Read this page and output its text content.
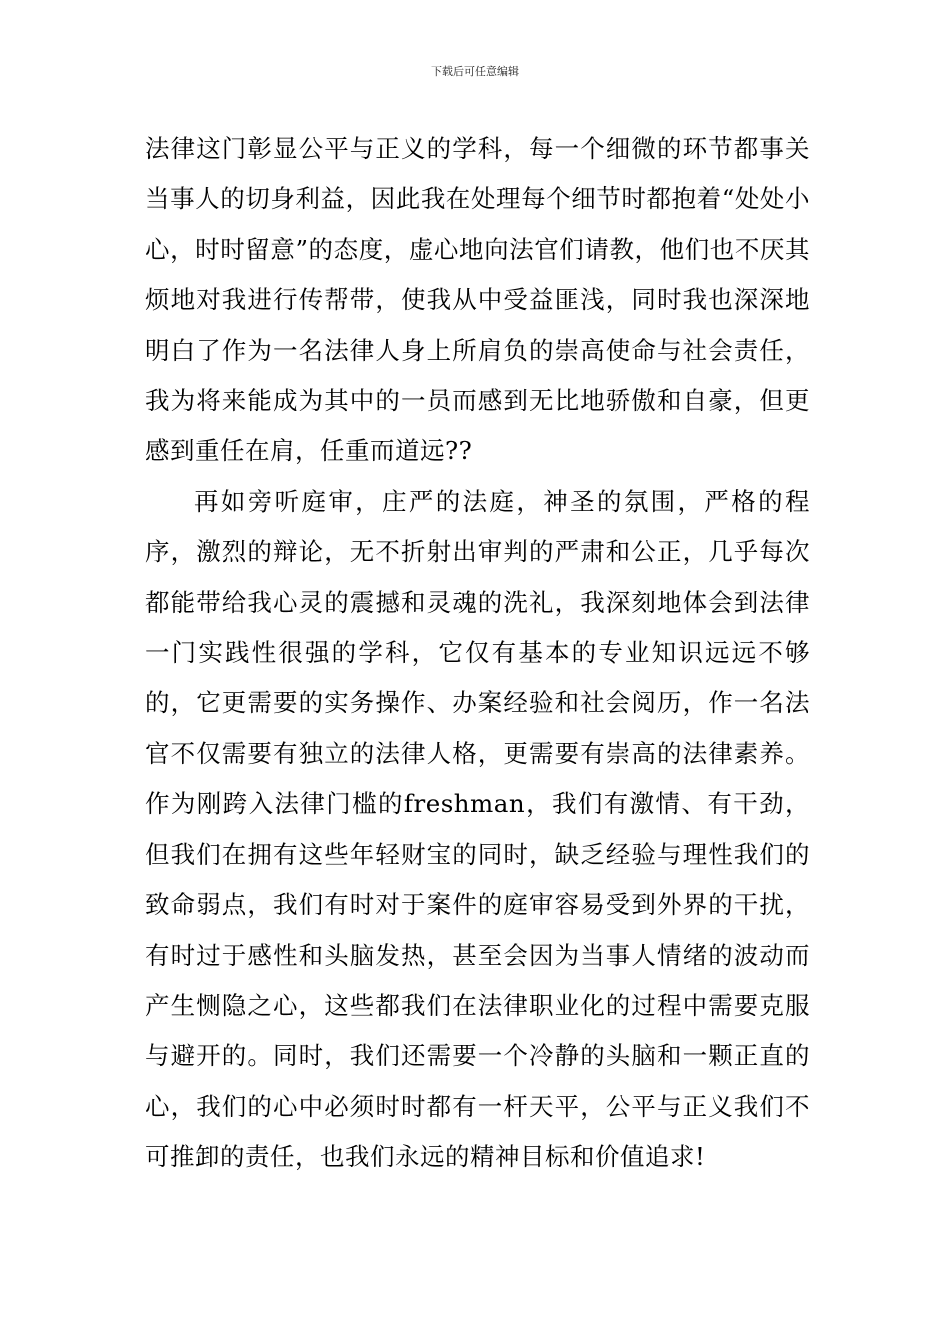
下载后可任意编辑

法律这门彰显公平与正义的学科，每一个细微的环节都事关当事人的切身利益，因此我在处理每个细节时都抱着“处处小心，时时留意”的态度，虚心地向法官们请教，他们也不厌其烦地对我进行传帮带，使我从中受益匪浅，同时我也深深地明白了作为一名法律人身上所肩负的崇高使命与社会责任，我为将来能成为其中的一员而感到无比地骄傲和自豪，但更感到重任在肩，任重而道远??

再如旁听庭审，庄严的法庭，神圣的氛围，严格的程序，激烈的辩论，无不折射出审判的严肃和公正，几乎每次都能带给我心灵的震撼和灵魂的洗礼，我深刻地体会到法律一门实践性很强的学科，它仅有基本的专业知识远远不够的，它更需要的实务操作、办案经验和社会阅历，作一名法官不仅需要有独立的法律人格，更需要有崇高的法律素养。作为刚跨入法律门槛的freshman，我们有激情、有干劲，但我们在拥有这些年轻财宝的同时，缺乏经验与理性我们的致命弱点，我们有时对于案件的庭审容易受到外界的干扰，有时过于感性和头脑发热，甚至会因为当事人情绪的波动而产生恻隐之心，这些都我们在法律职业化的过程中需要克服与避开的。同时，我们还需要一个冷静的头脑和一颗正直的心，我们的心中必须时时都有一杆天平，公平与正义我们不可推卸的责任，也我们永远的精神目标和价值追求!
